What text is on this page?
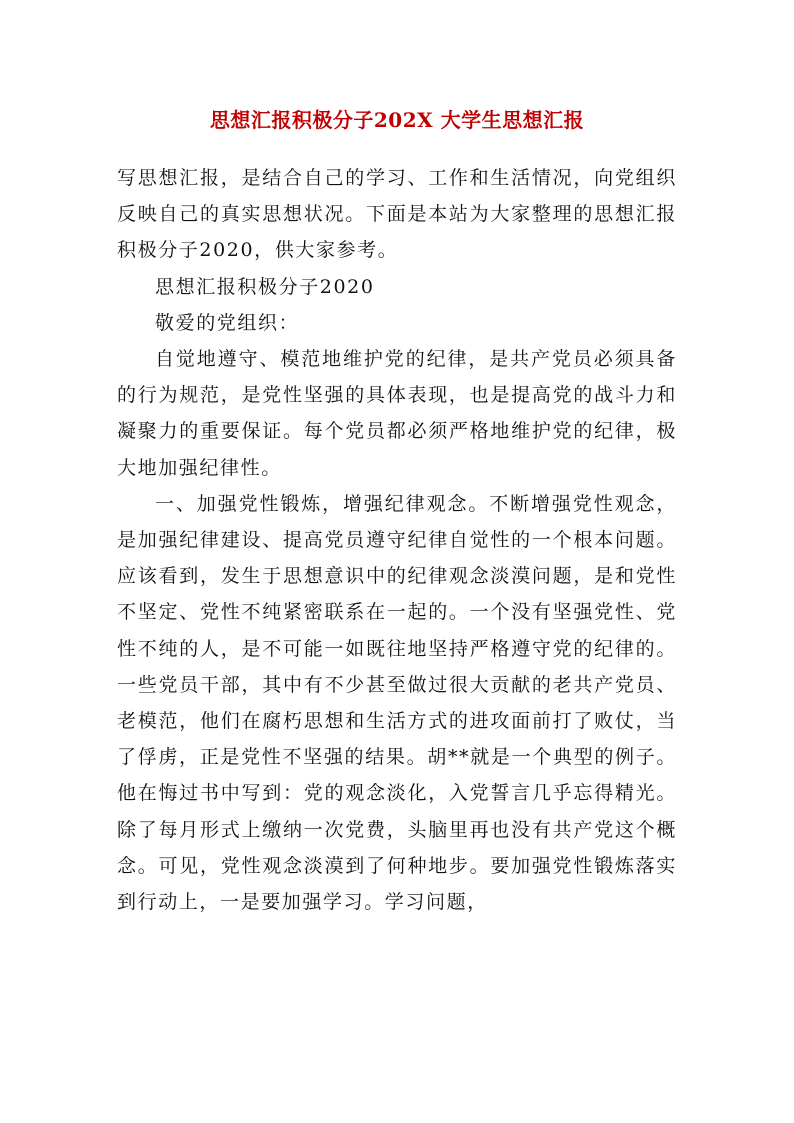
思想汇报积极分子202X 大学生思想汇报

写思想汇报，是结合自己的学习、工作和生活情况，向党组织反映自己的真实思想状况。下面是本站为大家整理的思想汇报积极分子2020，供大家参考。

思想汇报积极分子2020

敬爱的党组织：

自觉地遵守、模范地维护党的纪律，是共产党员必须具备的行为规范，是党性坚强的具体表现，也是提高党的战斗力和凝聚力的重要保证。每个党员都必须严格地维护党的纪律，极大地加强纪律性。

一、加强党性锻炼，增强纪律观念。不断增强党性观念，是加强纪律建设、提高党员遵守纪律自觉性的一个根本问题。应该看到，发生于思想意识中的纪律观念淡漠问题，是和党性不坚定、党性不纯紧密联系在一起的。一个没有坚强党性、党性不纯的人，是不可能一如既往地坚持严格遵守党的纪律的。一些党员干部，其中有不少甚至做过很大贡献的老共产党员、老模范，他们在腐朽思想和生活方式的进攻面前打了败仗，当了俘虏，正是党性不坚强的结果。胡**就是一个典型的例子。他在悔过书中写到：党的观念淡化，入党誓言几乎忘得精光。除了每月形式上缴纳一次党费，头脑里再也没有共产党这个概念。可见，党性观念淡漠到了何种地步。要加强党性锻炼落实到行动上，一是要加强学习。学习问题，
